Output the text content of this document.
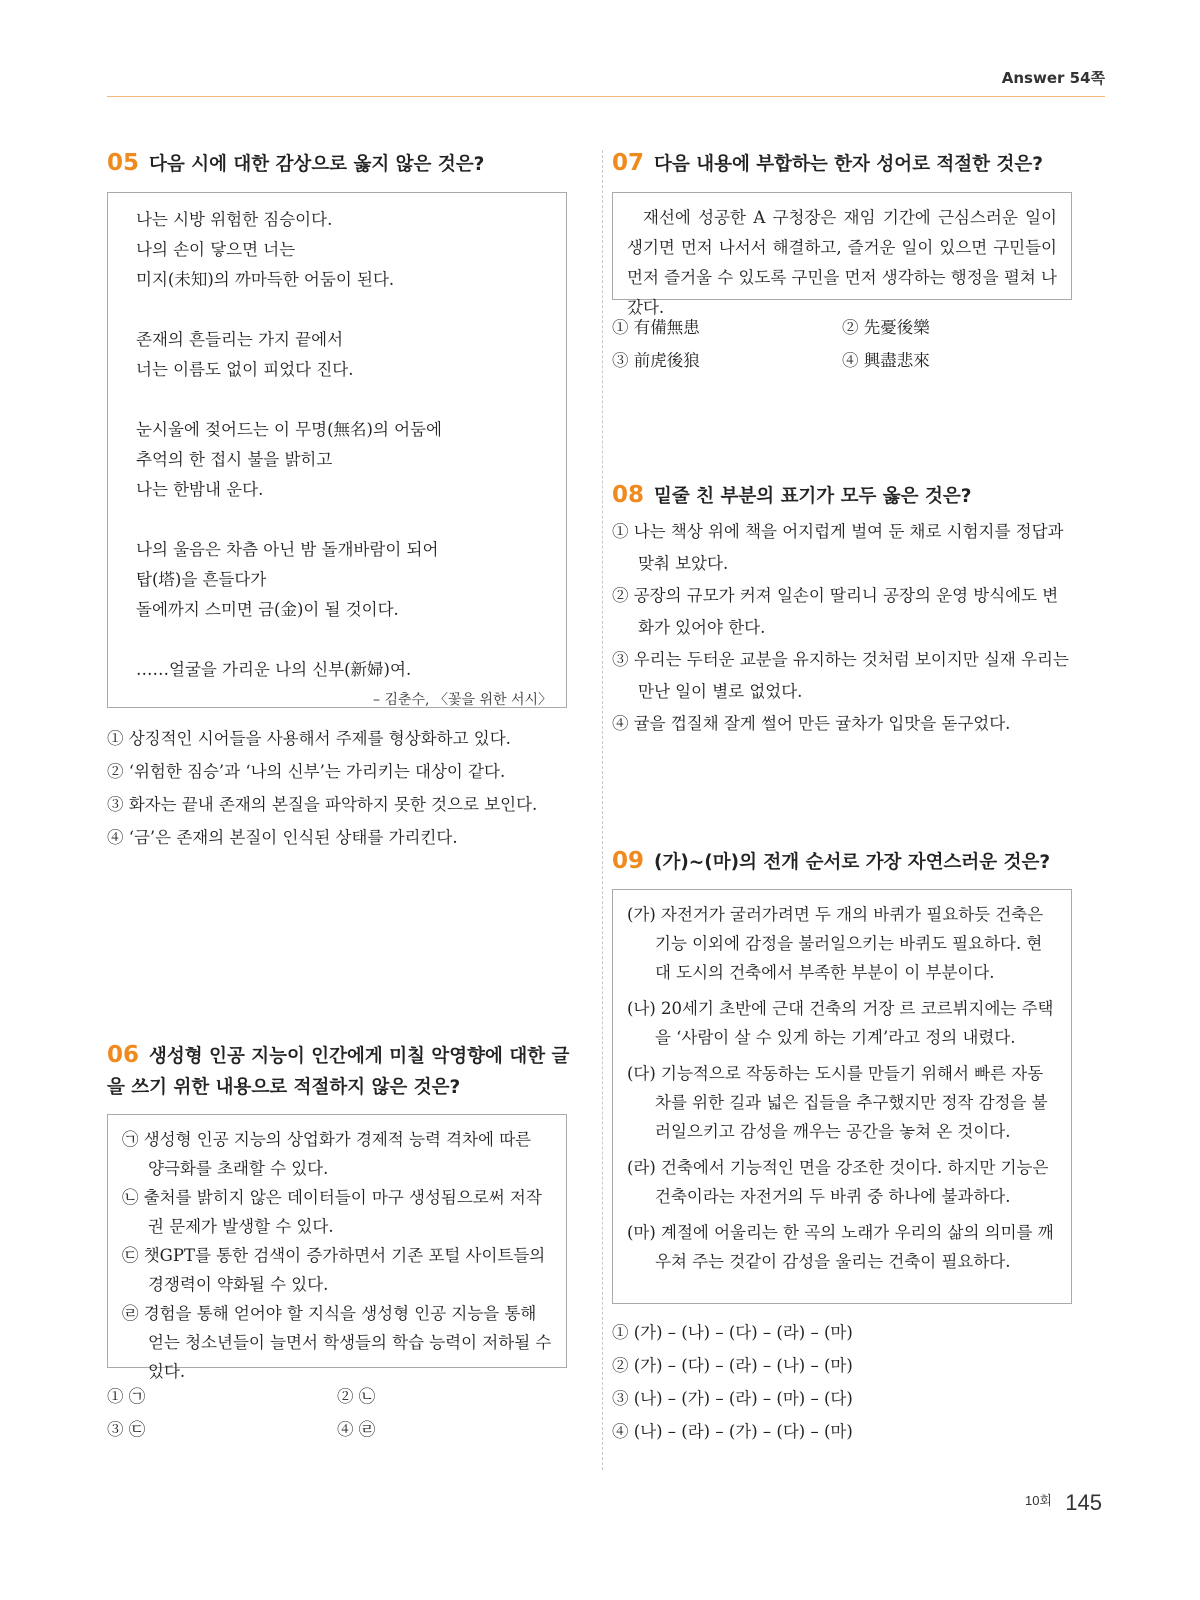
Answer 54쪽
05 다음 시에 대한 감상으로 옳지 않은 것은?
나는 시방 위험한 짐승이다.
나의 손이 닿으면 너는
미지(未知)의 까마득한 어둠이 된다.
존재의 흔들리는 가지 끝에서
너는 이름도 없이 피었다 진다.
눈시울에 젖어드는 이 무명(無名)의 어둠에
추억의 한 접시 불을 밝히고
나는 한밤내 운다.
나의 울음은 차츰 아닌 밤 돌개바람이 되어
탑(塔)을 흔들다가
돌에까지 스미면 금(金)이 될 것이다.
……얼굴을 가리운 나의 신부(新婦)여.
– 김춘수, 〈꽃을 위한 서시〉
① 상징적인 시어들을 사용해서 주제를 형상화하고 있다.
② ‘위험한 짐승’과 ‘나의 신부’는 가리키는 대상이 같다.
③ 화자는 끝내 존재의 본질을 파악하지 못한 것으로 보인다.
④ ‘금’은 존재의 본질이 인식된 상태를 가리킨다.
06 생성형 인공 지능이 인간에게 미칠 악영향에 대한 글을 쓰기 위한 내용으로 적절하지 않은 것은?
㉠ 생성형 인공 지능의 상업화가 경제적 능력 격차에 따른 양극화를 초래할 수 있다.
㉡ 출처를 밝히지 않은 데이터들이 마구 생성됨으로써 저작권 문제가 발생할 수 있다.
㉢ 챗GPT를 통한 검색이 증가하면서 기존 포털 사이트들의 경쟁력이 약화될 수 있다.
㉣ 경험을 통해 얻어야 할 지식을 생성형 인공 지능을 통해 얻는 청소년들이 늘면서 학생들의 학습 능력이 저하될 수 있다.
① ㉠	② ㉡
③ ㉢	④ ㉣
07 다음 내용에 부합하는 한자 성어로 적절한 것은?
재선에 성공한 A 구청장은 재임 기간에 근심스러운 일이 생기면 먼저 나서서 해결하고, 즐거운 일이 있으면 구민들이 먼저 즐거울 수 있도록 구민을 먼저 생각하는 행정을 펼쳐 나갔다.
① 有備無患	② 先憂後樂
③ 前虎後狼	④ 興盡悲來
08 밑줄 친 부분의 표기가 모두 옳은 것은?
① 나는 책상 위에 책을 어지럽게 벌여 둔 채로 시험지를 정답과 맞춰 보았다.
② 공장의 규모가 커져 일손이 딸리니 공장의 운영 방식에도 변화가 있어야 한다.
③ 우리는 두터운 교분을 유지하는 것처럼 보이지만 실재 우리는 만난 일이 별로 없었다.
④ 귤을 껍질채 잘게 썰어 만든 귤차가 입맛을 돋구었다.
09 (가)~(마)의 전개 순서로 가장 자연스러운 것은?
(가) 자전거가 굴러가려면 두 개의 바퀴가 필요하듯 건축은 기능 이외에 감정을 불러일으키는 바퀴도 필요하다. 현대 도시의 건축에서 부족한 부분이 이 부분이다.
(나) 20세기 초반에 근대 건축의 거장 르 코르뷔지에는 주택을 ‘사람이 살 수 있게 하는 기계’라고 정의 내렸다.
(다) 기능적으로 작동하는 도시를 만들기 위해서 빠른 자동차를 위한 길과 넓은 집들을 추구했지만 정작 감정을 불러일으키고 감성을 깨우는 공간을 놓쳐 온 것이다.
(라) 건축에서 기능적인 면을 강조한 것이다. 하지만 기능은 건축이라는 자전거의 두 바퀴 중 하나에 불과하다.
(마) 계절에 어울리는 한 곡의 노래가 우리의 삶의 의미를 깨우쳐 주는 것같이 감성을 울리는 건축이 필요하다.
① (가) – (나) – (다) – (라) – (마)
② (가) – (다) – (라) – (나) – (마)
③ (나) – (가) – (라) – (마) – (다)
④ (나) – (라) – (가) – (다) – (마)
10회 145
